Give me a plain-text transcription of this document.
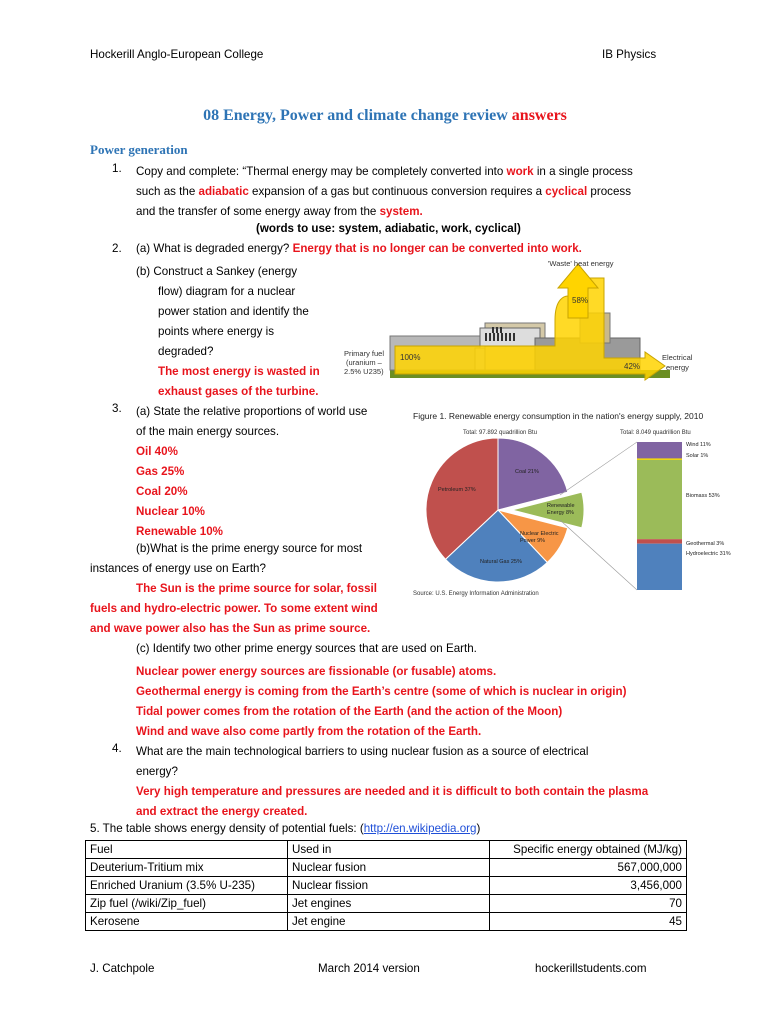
Hockerill Anglo-European College	IB Physics
08 Energy, Power and climate change review answers
Power generation
1. Copy and complete: “Thermal energy may be completely converted into work in a single process
such as the adiabatic expansion of a gas but continuous conversion requires a cyclical process
and the transfer of some energy away from the system.
(words to use: system, adiabatic, work, cyclical)
2. (a) What is degraded energy? Energy that is no longer can be converted into work.
(b) Construct a Sankey (energy
flow) diagram for a nuclear
power station and identify the
points where energy is
degraded?
The most energy is wasted in
exhaust gases of the turbine.
58%
100%
42%
'Waste' heat energy
Primary fuel
(uranium –
2.5% U235)
Electrical
energy
3. (a) State the relative proportions of world use
of the main energy sources.
Oil 40%
Gas 25%
Coal 20%
Nuclear 10%
Renewable 10%
(b)What is the prime energy source for most
instances of energy use on Earth?
The Sun is the prime source for solar, fossil
fuels and hydro-electric power. To some extent wind
and wave power also has the Sun as prime source.
(c) Identify two other prime energy sources that are used on Earth.
Nuclear power energy sources are fissionable (or fusable) atoms.
Geothermal energy is coming from the Earth’s centre (some of which is nuclear in origin)
Tidal power comes from the rotation of the Earth (and the action of the Moon)
Wind and wave also come partly from the rotation of the Earth.
Figure 1. Renewable energy consumption in the nation's energy supply, 2010
Total: 97.892 quadrillion Btu	Total: 8.049 quadrillion Btu
Coal 21%
Renewable
Energy 8%
Nuclear Electric
Power 9%
Natural Gas 25%
Petroleum 37%
Wind 11%
Solar 1%
Biomass 53%
Geothermal 3%
Hydroelectric 31%
Source: U.S. Energy Information Administration
4. What are the main technological barriers to using nuclear fusion as a source of electrical
energy?
Very high temperature and pressures are needed and it is difficult to both contain the plasma
and extract the energy created.
5. The table shows energy density of potential fuels: (http://en.wikipedia.org)
Fuel	Used in	Specific energy obtained (MJ/kg)
Deuterium-Tritium mix	Nuclear fusion	567,000,000
Enriched Uranium (3.5% U-235)	Nuclear fission	3,456,000
Zip fuel (/wiki/Zip_fuel)	Jet engines	70
Kerosene	Jet engine	45
J. Catchpole	March 2014 version	hockerillstudents.com
